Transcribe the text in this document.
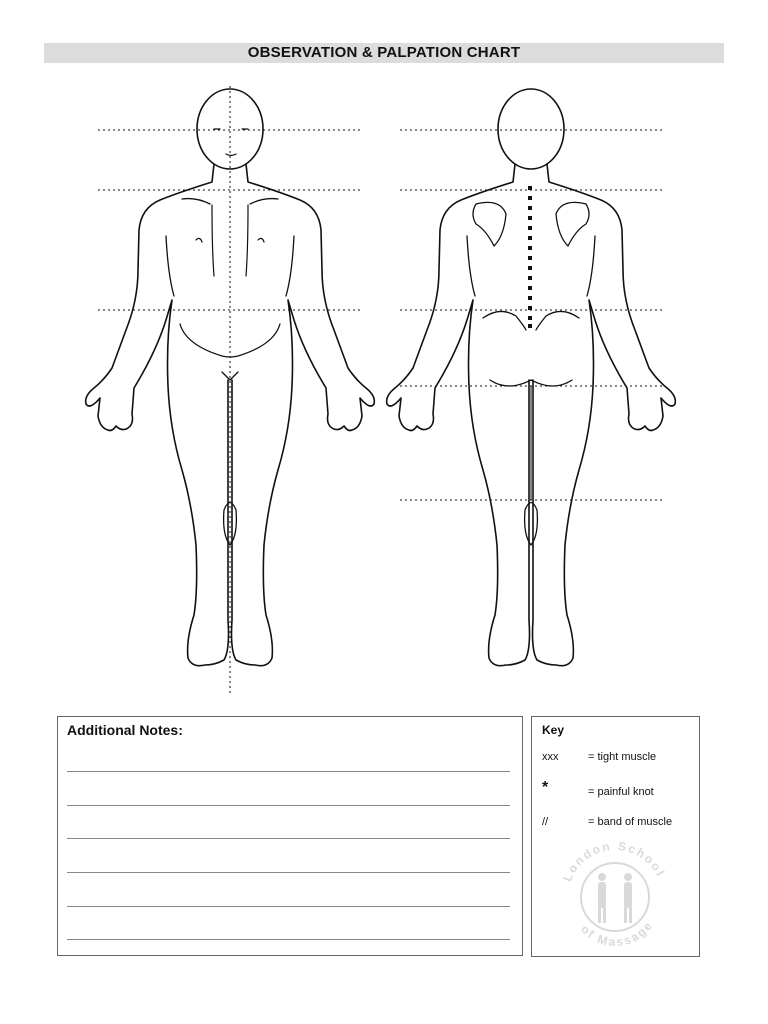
OBSERVATION & PALPATION CHART
Additional Notes:	Key
xxx	= tight muscle
*	= painful knot
//	= band of muscle
London School
of Massage
